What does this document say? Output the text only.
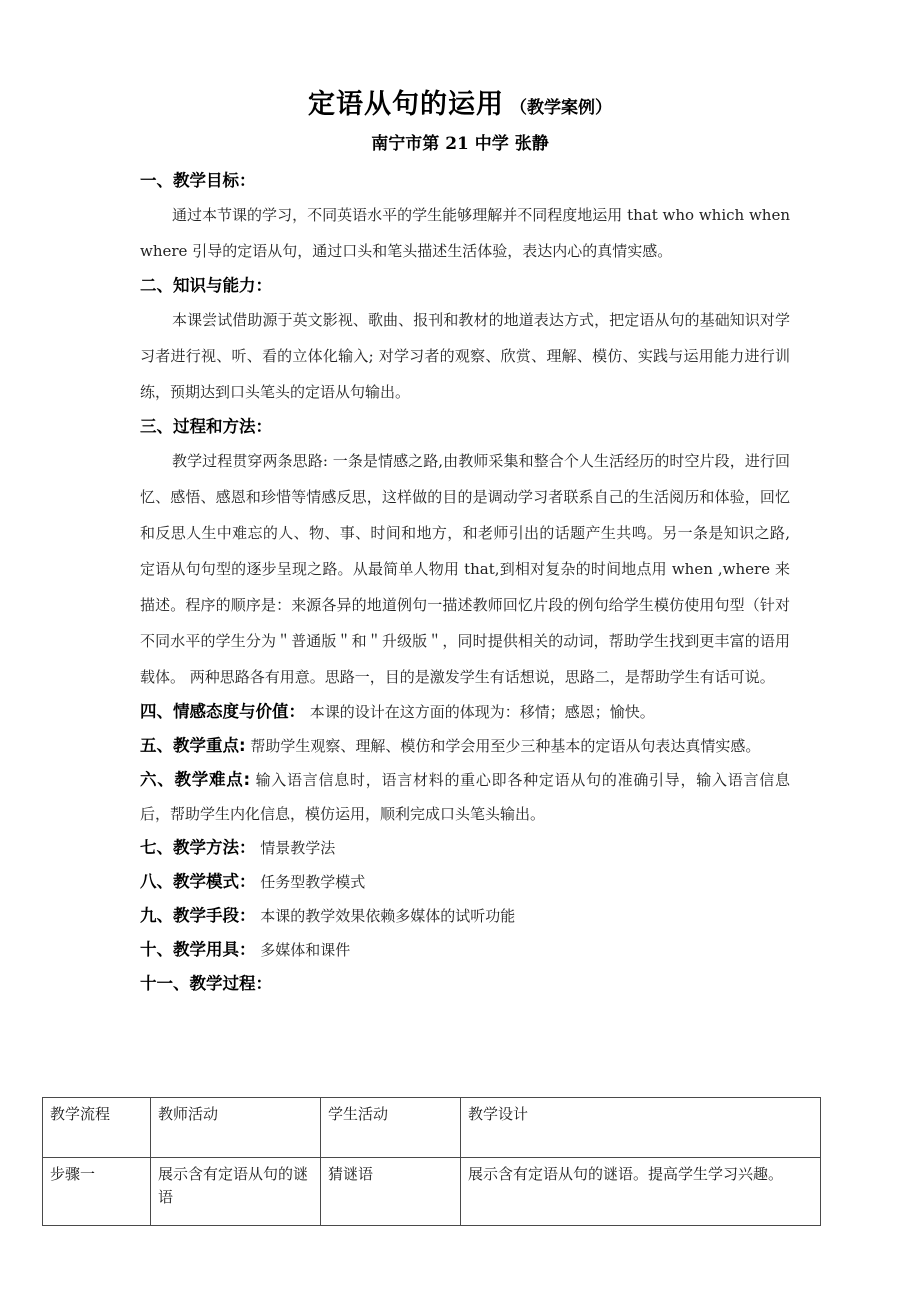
定语从句的运用 （教学案例）
南宁市第 21 中学 张静
一、教学目标：
通过本节课的学习，不同英语水平的学生能够理解并不同程度地运用 that who which when where 引导的定语从句，通过口头和笔头描述生活体验，表达内心的真情实感。
二、知识与能力：
本课尝试借助源于英文影视、歌曲、报刊和教材的地道表达方式，把定语从句的基础知识对学习者进行视、听、看的立体化输入; 对学习者的观察、欣赏、理解、模仿、实践与运用能力进行训练，预期达到口头笔头的定语从句输出。
三、过程和方法：
教学过程贯穿两条思路: 一条是情感之路,由教师采集和整合个人生活经历的时空片段，进行回忆、感悟、感恩和珍惜等情感反思，这样做的目的是调动学习者联系自己的生活阅历和体验，回忆和反思人生中难忘的人、物、事、时间和地方，和老师引出的话题产生共鸣。另一条是知识之路, 定语从句句型的逐步呈现之路。从最简单人物用 that,到相对复杂的时间地点用 when ,where 来描述。程序的顺序是：来源各异的地道例句一描述教师回忆片段的例句给学生模仿使用句型（针对不同水平的学生分为＂普通版＂和＂升级版＂，同时提供相关的动词，帮助学生找到更丰富的语用载体。 两种思路各有用意。思路一，目的是激发学生有话想说，思路二，是帮助学生有话可说。
四、情感态度与价值： 本课的设计在这方面的体现为：移情；感恩；愉快。
五、教学重点: 帮助学生观察、理解、模仿和学会用至少三种基本的定语从句表达真情实感。
六、教学难点: 输入语言信息时，语言材料的重心即各种定语从句的准确引导，输入语言信息后，帮助学生内化信息，模仿运用，顺利完成口头笔头输出。
七、教学方法： 情景教学法
八、教学模式： 任务型教学模式
九、教学手段： 本课的教学效果依赖多媒体的试听功能
十、教学用具： 多媒体和课件
十一、教学过程：
教学流程	教师活动	学生活动	教学设计
步骤一	展示含有定语从句的谜语	猜谜语	展示含有定语从句的谜语。提高学生学习兴趣。
